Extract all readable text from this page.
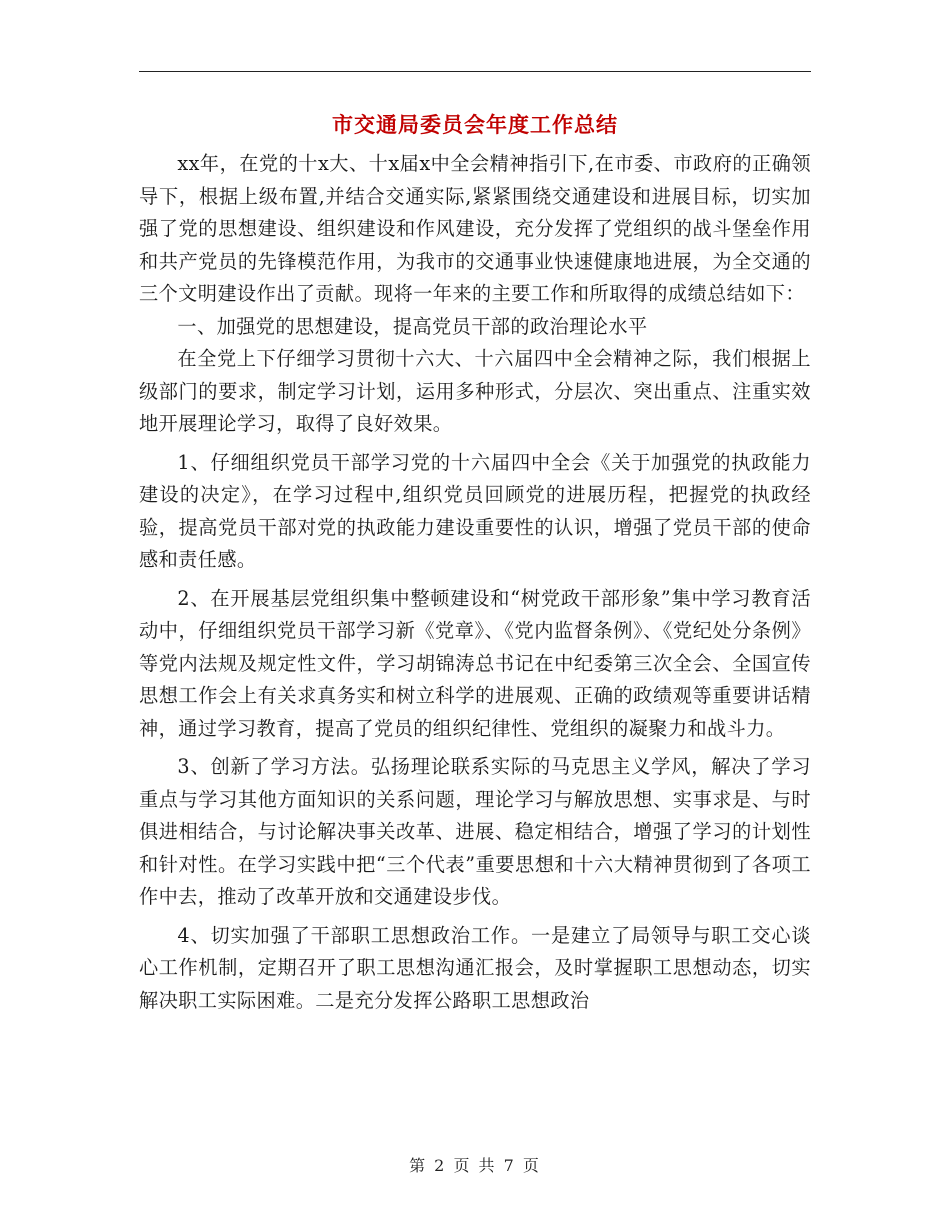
市交通局委员会年度工作总结

xx年，在党的十x大、十x届x中全会精神指引下,在市委、市政府的正确领导下，根据上级布置,并结合交通实际,紧紧围绕交通建设和进展目标，切实加强了党的思想建设、组织建设和作风建设，充分发挥了党组织的战斗堡垒作用和共产党员的先锋模范作用，为我市的交通事业快速健康地进展，为全交通的三个文明建设作出了贡献。现将一年来的主要工作和所取得的成绩总结如下：

一、加强党的思想建设，提高党员干部的政治理论水平

在全党上下仔细学习贯彻十六大、十六届四中全会精神之际，我们根据上级部门的要求，制定学习计划，运用多种形式，分层次、突出重点、注重实效地开展理论学习，取得了良好效果。

1、仔细组织党员干部学习党的十六届四中全会《关于加强党的执政能力建设的决定》，在学习过程中,组织党员回顾党的进展历程，把握党的执政经验，提高党员干部对党的执政能力建设重要性的认识，增强了党员干部的使命感和责任感。

2、在开展基层党组织集中整顿建设和“树党政干部形象”集中学习教育活动中，仔细组织党员干部学习新《党章》、《党内监督条例》、《党纪处分条例》等党内法规及规定性文件，学习胡锦涛总书记在中纪委第三次全会、全国宣传思想工作会上有关求真务实和树立科学的进展观、正确的政绩观等重要讲话精神，通过学习教育，提高了党员的组织纪律性、党组织的凝聚力和战斗力。

3、创新了学习方法。弘扬理论联系实际的马克思主义学风，解决了学习重点与学习其他方面知识的关系问题，理论学习与解放思想、实事求是、与时俱进相结合，与讨论解决事关改革、进展、稳定相结合，增强了学习的计划性和针对性。在学习实践中把“三个代表”重要思想和十六大精神贯彻到了各项工作中去，推动了改革开放和交通建设步伐。

4、切实加强了干部职工思想政治工作。一是建立了局领导与职工交心谈心工作机制，定期召开了职工思想沟通汇报会，及时掌握职工思想动态，切实解决职工实际困难。二是充分发挥公路职工思想政治

第 2 页 共 7 页
